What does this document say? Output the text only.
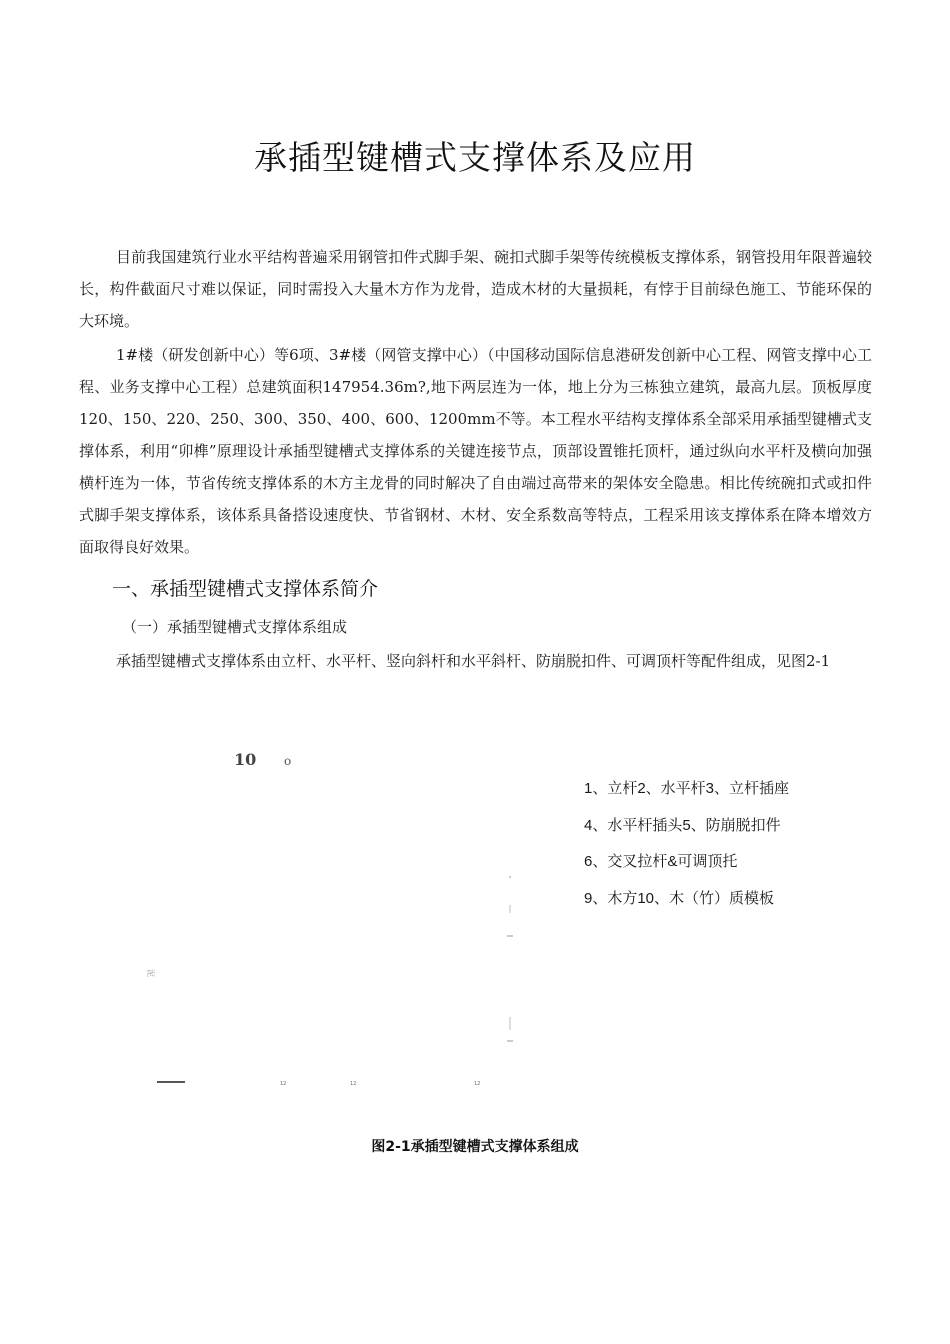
承插型键槽式支撑体系及应用

目前我国建筑行业水平结构普遍采用钢管扣件式脚手架、碗扣式脚手架等传统模板支撑体系，钢管投用年限普遍较长，构件截面尺寸难以保证，同时需投入大量木方作为龙骨，造成木材的大量损耗，有悖于目前绿色施工、节能环保的大环境。

1#楼（研发创新中心）等6项、3#楼（网管支撑中心）（中国移动国际信息港研发创新中心工程、网管支撑中心工程、业务支撑中心工程）总建筑面积147954.36m?,地下两层连为一体，地上分为三栋独立建筑，最高九层。顶板厚度120、150、220、250、300、350、400、600、1200mm不等。本工程水平结构支撑体系全部采用承插型键槽式支撑体系，利用“卯榫”原理设计承插型键槽式支撑体系的关键连接节点，顶部设置锥托顶杆，通过纵向水平杆及横向加强横杆连为一体，节省传统支撑体系的木方主龙骨的同时解决了自由端过高带来的架体安全隐患。相比传统碗扣式或扣件式脚手架支撑体系，该体系具备搭设速度快、节省钢材、木材、安全系数高等特点，工程采用该支撑体系在降本增效方面取得良好效果。

一、承插型键槽式支撑体系简介
（一）承插型键槽式支撑体系组成

承插型键槽式支撑体系由立杆、水平杆、竖向斜杆和水平斜杆、防崩脱扣件、可调顶杆等配件组成，见图2-1

10 o
泥
12	12	12
1、立杆2、水平杆3、立杆插座
4、水平杆插头5、防崩脱扣件
6、交叉拉杆&可调顶托
9、木方10、木（竹）质模板
图2-1承插型键槽式支撑体系组成
